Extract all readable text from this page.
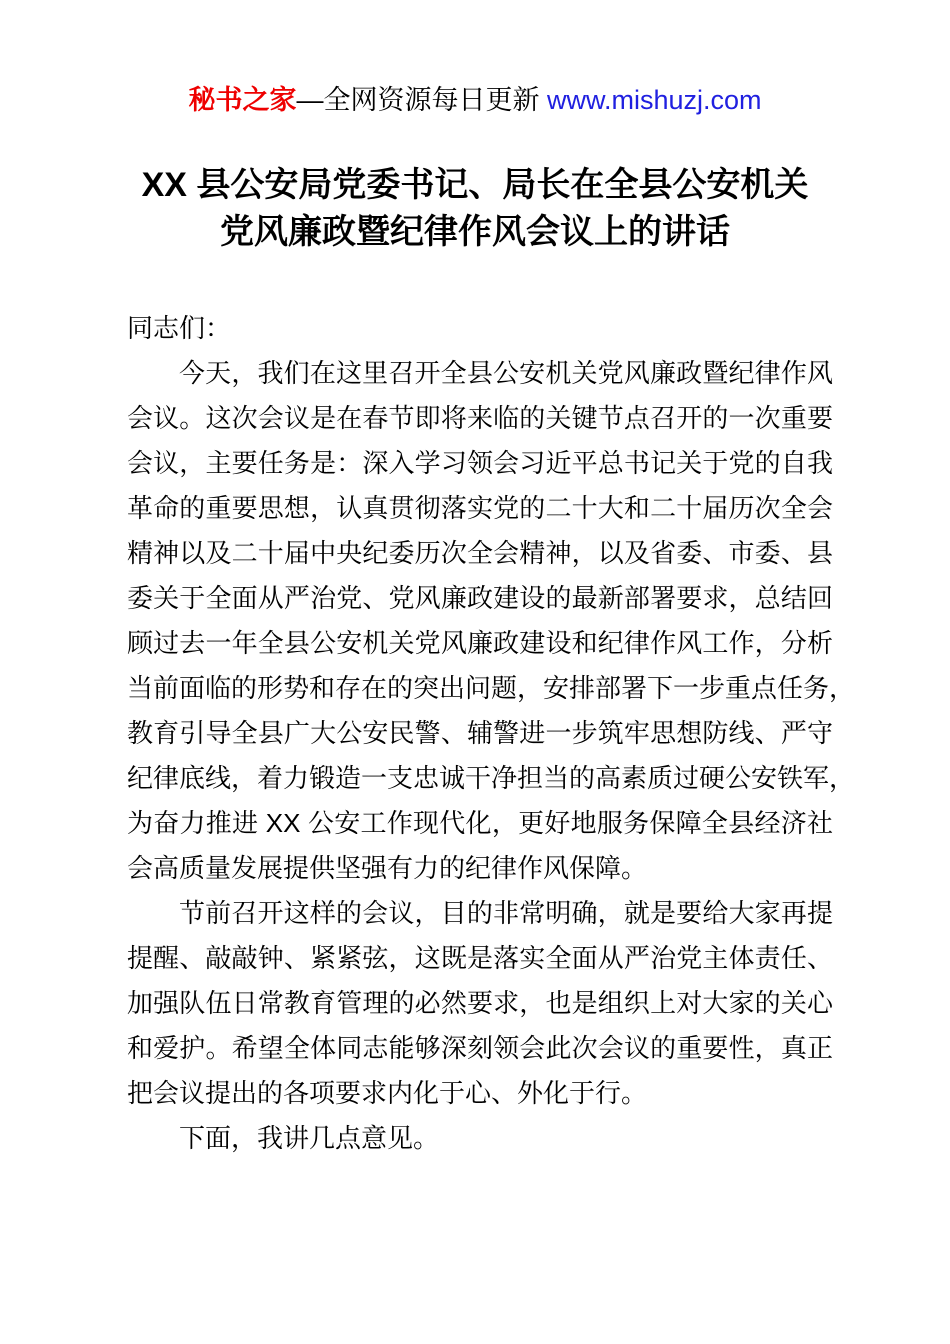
秘书之家—全网资源每日更新 www.mishuzj.com
XX 县公安局党委书记、局长在全县公安机关
党风廉政暨纪律作风会议上的讲话
同志们：
今天，我们在这里召开全县公安机关党风廉政暨纪律作风
会议。这次会议是在春节即将来临的关键节点召开的一次重要
会议，主要任务是：深入学习领会习近平总书记关于党的自我
革命的重要思想，认真贯彻落实党的二十大和二十届历次全会
精神以及二十届中央纪委历次全会精神，以及省委、市委、县
委关于全面从严治党、党风廉政建设的最新部署要求，总结回
顾过去一年全县公安机关党风廉政建设和纪律作风工作，分析
当前面临的形势和存在的突出问题，安排部署下一步重点任务，
教育引导全县广大公安民警、辅警进一步筑牢思想防线、严守
纪律底线，着力锻造一支忠诚干净担当的高素质过硬公安铁军，
为奋力推进 XX 公安工作现代化，更好地服务保障全县经济社
会高质量发展提供坚强有力的纪律作风保障。
节前召开这样的会议，目的非常明确，就是要给大家再提
提醒、敲敲钟、紧紧弦，这既是落实全面从严治党主体责任、
加强队伍日常教育管理的必然要求，也是组织上对大家的关心
和爱护。希望全体同志能够深刻领会此次会议的重要性，真正
把会议提出的各项要求内化于心、外化于行。
下面，我讲几点意见。
